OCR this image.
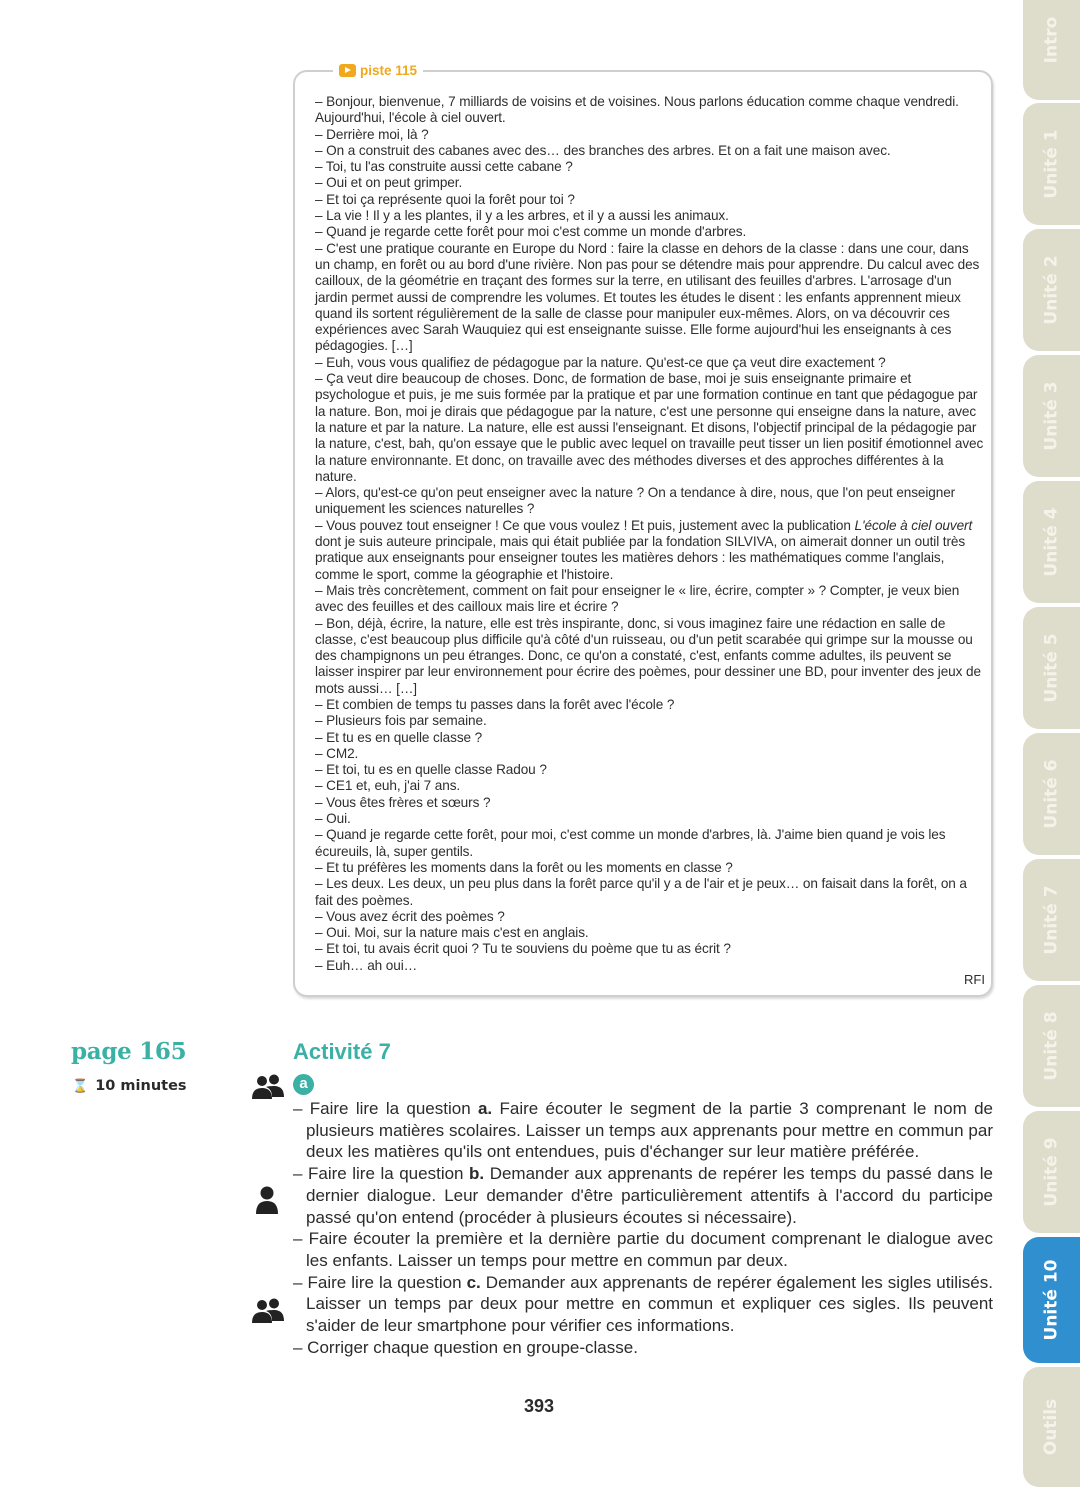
piste 115

– Bonjour, bienvenue, 7 milliards de voisins et de voisines. Nous parlons éducation comme chaque vendredi. Aujourd'hui, l'école à ciel ouvert.

– Derrière moi, là ?

– On a construit des cabanes avec des… des branches des arbres. Et on a fait une maison avec.

– Toi, tu l'as construite aussi cette cabane ?

– Oui et on peut grimper.

– Et toi ça représente quoi la forêt pour toi ?

– La vie ! Il y a les plantes, il y a les arbres, et il y a aussi les animaux.

– Quand je regarde cette forêt pour moi c'est comme un monde d'arbres.

– C'est une pratique courante en Europe du Nord : faire la classe en dehors de la classe : dans une cour, dans un champ, en forêt ou au bord d'une rivière. Non pas pour se détendre mais pour apprendre. Du calcul avec des cailloux, de la géométrie en traçant des formes sur la terre, en utilisant des feuilles d'arbres. L'arrosage d'un jardin permet aussi de comprendre les volumes. Et toutes les études le disent : les enfants apprennent mieux quand ils sortent régulièrement de la salle de classe pour manipuler eux-mêmes. Alors, on va découvrir ces expériences avec Sarah Wauquiez qui est enseignante suisse. Elle forme aujourd'hui les enseignants à ces pédagogies. […]

– Euh, vous vous qualifiez de pédagogue par la nature. Qu'est-ce que ça veut dire exactement ?

– Ça veut dire beaucoup de choses. Donc, de formation de base, moi je suis enseignante primaire et psychologue et puis, je me suis formée par la pratique et par une formation continue en tant que pédagogue par la nature. Bon, moi je dirais que pédagogue par la nature, c'est une personne qui enseigne dans la nature, avec la nature et par la nature. La nature, elle est aussi l'enseignant. Et disons, l'objectif principal de la pédagogie par la nature, c'est, bah, qu'on essaye que le public avec lequel on travaille peut tisser un lien positif émotionnel avec la nature environnante. Et donc, on travaille avec des méthodes diverses et des approches différentes à la nature.

– Alors, qu'est-ce qu'on peut enseigner avec la nature ? On a tendance à dire, nous, que l'on peut enseigner uniquement les sciences naturelles ?

– Vous pouvez tout enseigner ! Ce que vous voulez ! Et puis, justement avec la publication L'école à ciel ouvert dont je suis auteure principale, mais qui était publiée par la fondation SILVIVA, on aimerait donner un outil très pratique aux enseignants pour enseigner toutes les matières dehors : les mathématiques comme l'anglais, comme le sport, comme la géographie et l'histoire.

– Mais très concrètement, comment on fait pour enseigner le « lire, écrire, compter » ? Compter, je veux bien avec des feuilles et des cailloux mais lire et écrire ?

– Bon, déjà, écrire, la nature, elle est très inspirante, donc, si vous imaginez faire une rédaction en salle de classe, c'est beaucoup plus difficile qu'à côté d'un ruisseau, ou d'un petit scarabée qui grimpe sur la mousse ou des champignons un peu étranges. Donc, ce qu'on a constaté, c'est, enfants comme adultes, ils peuvent se laisser inspirer par leur environnement pour écrire des poèmes, pour dessiner une BD, pour inventer des jeux de mots aussi… […]

– Et combien de temps tu passes dans la forêt avec l'école ?

– Plusieurs fois par semaine.

– Et tu es en quelle classe ?

– CM2.

– Et toi, tu es en quelle classe Radou ?

– CE1 et, euh, j'ai 7 ans.

– Vous êtes frères et sœurs ?

– Oui.

– Quand je regarde cette forêt, pour moi, c'est comme un monde d'arbres, là. J'aime bien quand je vois les écureuils, là, super gentils.

– Et tu préfères les moments dans la forêt ou les moments en classe ?

– Les deux. Les deux, un peu plus dans la forêt parce qu'il y a de l'air et je peux… on faisait dans la forêt, on a fait des poèmes.

– Vous avez écrit des poèmes ?

– Oui. Moi, sur la nature mais c'est en anglais.

– Et toi, tu avais écrit quoi ? Tu te souviens du poème que tu as écrit ?

– Euh… ah oui…

RFI
page 165
⌛ 10 minutes
Activité 7
a

– Faire lire la question a. Faire écouter le segment de la partie 3 comprenant le nom de plusieurs matières scolaires. Laisser un temps aux apprenants pour mettre en commun par deux les matières qu'ils ont entendues, puis d'échanger sur leur matière préférée.

– Faire lire la question b. Demander aux apprenants de repérer les temps du passé dans le dernier dialogue. Leur demander d'être particulièrement attentifs à l'accord du participe passé qu'on entend (procéder à plusieurs écoutes si nécessaire).

– Faire écouter la première et la dernière partie du document comprenant le dialogue avec les enfants. Laisser un temps pour mettre en commun par deux.

– Faire lire la question c. Demander aux apprenants de repérer également les sigles utilisés. Laisser un temps par deux pour mettre en commun et expliquer ces sigles. Ils peuvent s'aider de leur smartphone pour vérifier ces informations.

– Corriger chaque question en groupe-classe.

393
Intro
Unité 1
Unité 2
Unité 3
Unité 4
Unité 5
Unité 6
Unité 7
Unité 8
Unité 9
Unité 10
Outils
